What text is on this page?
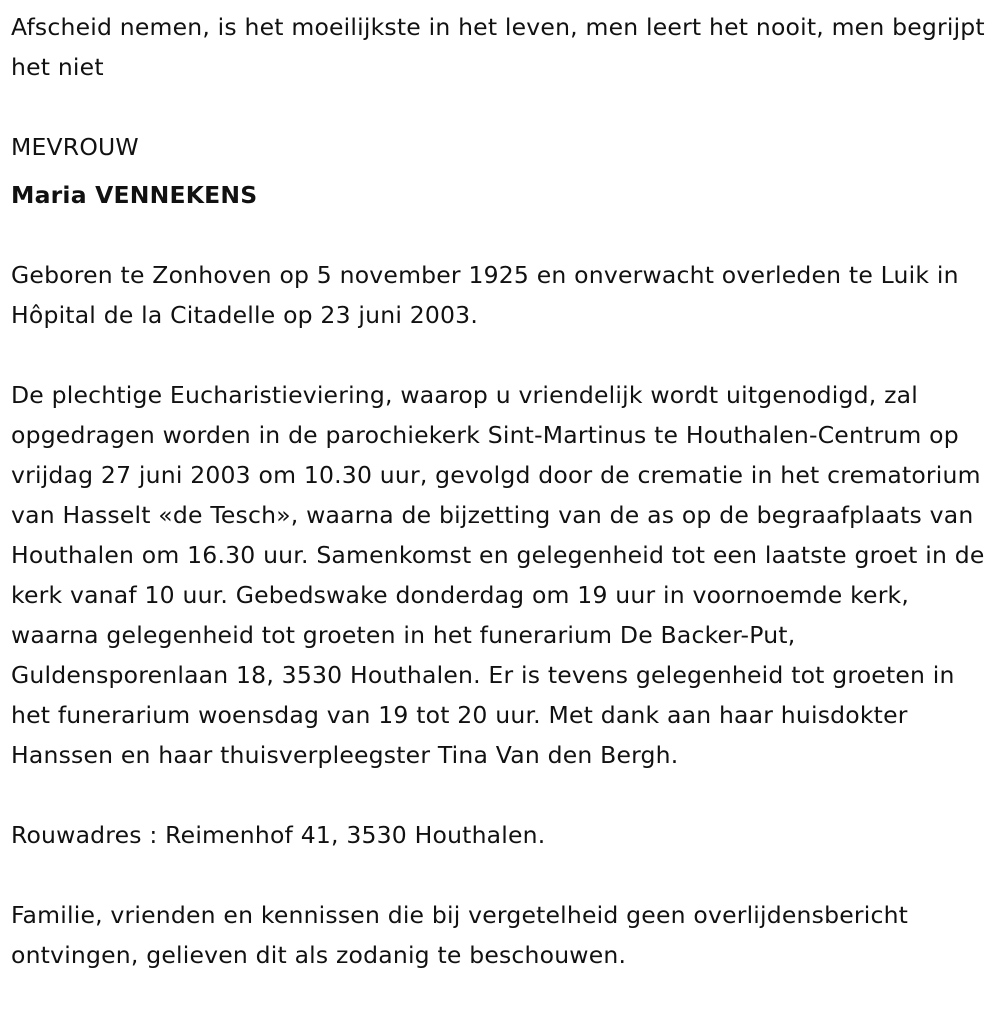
Afscheid nemen, is het moeilijkste in het leven, men leert het nooit, men begrijpt het niet

MEVROUW

Maria VENNEKENS

Geboren te Zonhoven op 5 november 1925 en onverwacht overleden te Luik in Hôpital de la Citadelle op 23 juni 2003.

De plechtige Eucharistieviering, waarop u vriendelijk wordt uitgenodigd, zal opgedragen worden in de parochiekerk Sint-Martinus te Houthalen-Centrum op vrijdag 27 juni 2003 om 10.30 uur, gevolgd door de crematie in het crematorium van Hasselt «de Tesch», waarna de bijzetting van de as op de begraafplaats van Houthalen om 16.30 uur. Samenkomst en gelegenheid tot een laatste groet in de kerk vanaf 10 uur. Gebedswake donderdag om 19 uur in voornoemde kerk, waarna gelegenheid tot groeten in het funerarium De Backer-Put, Guldensporenlaan 18, 3530 Houthalen. Er is tevens gelegenheid tot groeten in het funerarium woensdag van 19 tot 20 uur. Met dank aan haar huisdokter Hanssen en haar thuisverpleegster Tina Van den Bergh.

Rouwadres : Reimenhof 41, 3530 Houthalen.

Familie, vrienden en kennissen die bij vergetelheid geen overlijdensbericht ontvingen, gelieven dit als zodanig te beschouwen.
